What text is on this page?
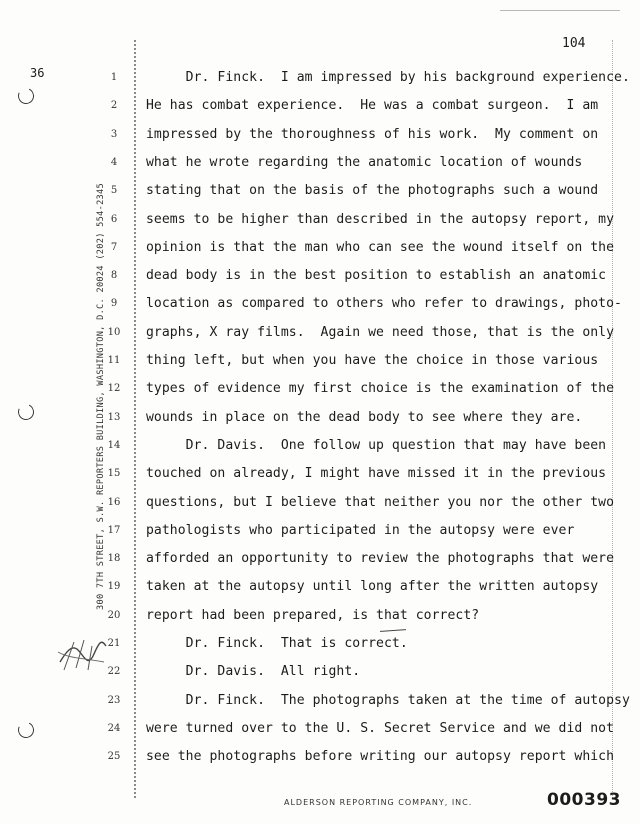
36
104
300 7TH STREET, S.W. REPORTERS BUILDING, WASHINGTON, D.C. 20024 (202) 554-2345
1	Dr. Finck.  I am impressed by his background experience.
2	He has combat experience.  He was a combat surgeon.  I am
3	impressed by the thoroughness of his work.  My comment on
4	what he wrote regarding the anatomic location of wounds
5	stating that on the basis of the photographs such a wound
6	seems to be higher than described in the autopsy report, my
7	opinion is that the man who can see the wound itself on the
8	dead body is in the best position to establish an anatomic
9	location as compared to others who refer to drawings, photo-
10	graphs, X ray films.  Again we need those, that is the only
11	thing left, but when you have the choice in those various
12	types of evidence my first choice is the examination of the
13	wounds in place on the dead body to see where they are.
14	Dr. Davis.  One follow up question that may have been
15	touched on already, I might have missed it in the previous
16	questions, but I believe that neither you nor the other two
17	pathologists who participated in the autopsy were ever
18	afforded an opportunity to review the photographs that were
19	taken at the autopsy until long after the written autopsy
20	report had been prepared, is that correct?
21	Dr. Finck.  That is correct.
22	Dr. Davis.  All right.
23	Dr. Finck.  The photographs taken at the time of autopsy
24	were turned over to the U. S. Secret Service and we did not
25	see the photographs before writing our autopsy report which
ALDERSON REPORTING COMPANY, INC.	000393
